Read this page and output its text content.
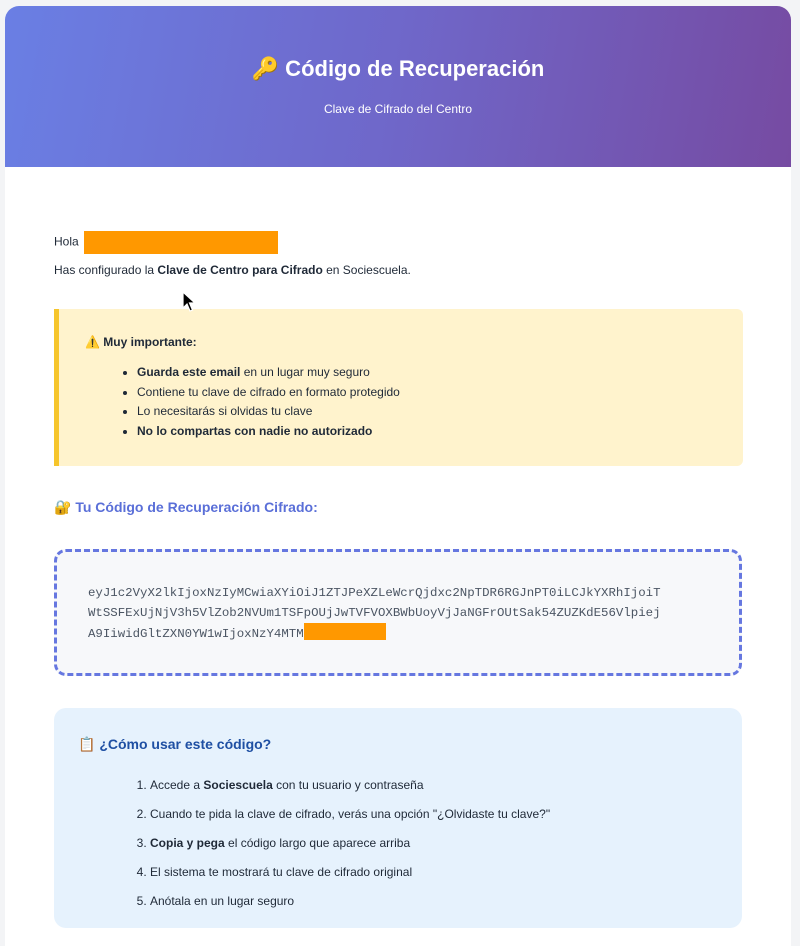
🔑 Código de Recuperación
Clave de Cifrado del Centro
Hola
Has configurado la Clave de Centro para Cifrado en Sociescuela.
⚠️ Muy importante:
• Guarda este email en un lugar muy seguro
• Contiene tu clave de cifrado en formato protegido
• Lo necesitarás si olvidas tu clave
• No lo compartas con nadie no autorizado
🔐 Tu Código de Recuperación Cifrado:
eyJ1c2VyX2lkIjoxNzIyMCwiaXYiOiJ1ZTJPeXZLeWcrQjdxc2NpTDR6RGJnPT0iLCJkYXRhIjoiT
WtSSFExUjNjV3h5VlZob2NVUm1TSFpOUjJwTVFVOXBWbUoyVjJaNGFrOUtSak54ZUZKdE56Vlpiej
A9IiwidGltZXN0YW1wIjoxNzY4MTM
📋 ¿Cómo usar este código?
1. Accede a Sociescuela con tu usuario y contraseña
2. Cuando te pida la clave de cifrado, verás una opción "¿Olvidaste tu clave?"
3. Copia y pega el código largo que aparece arriba
4. El sistema te mostrará tu clave de cifrado original
5. Anótala en un lugar seguro
